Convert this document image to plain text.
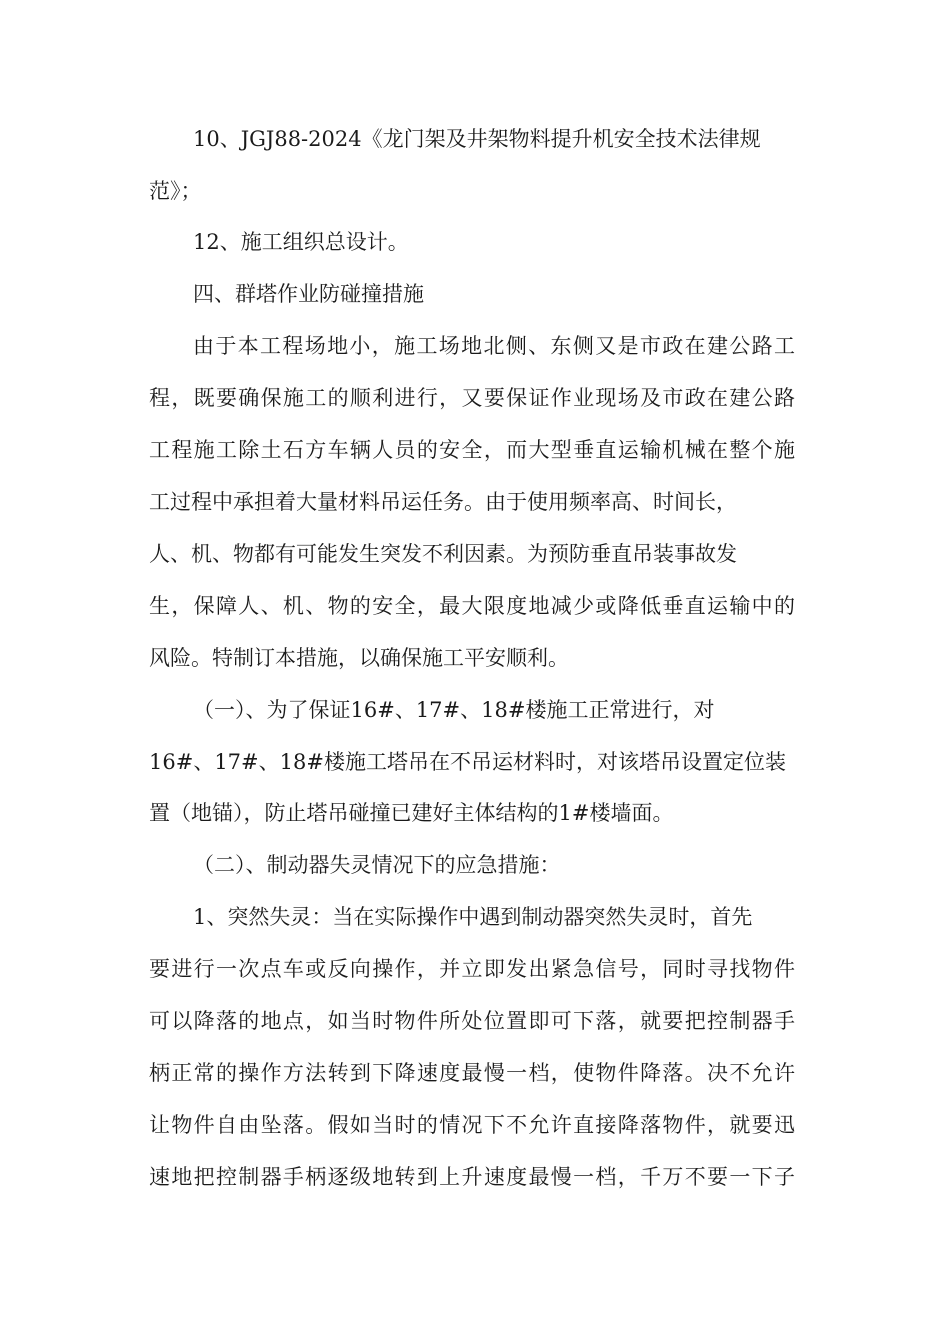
10、JGJ88-2024《龙门架及井架物料提升机安全技术法律规

范》；

12、施工组织总设计。

四、群塔作业防碰撞措施

由于本工程场地小，施工场地北侧、东侧又是市政在建公路工

程，既要确保施工的顺利进行，又要保证作业现场及市政在建公路

工程施工除土石方车辆人员的安全，而大型垂直运输机械在整个施

工过程中承担着大量材料吊运任务。由于使用频率高、时间长，

人、机、物都有可能发生突发不利因素。为预防垂直吊装事故发

生，保障人、机、物的安全，最大限度地减少或降低垂直运输中的

风险。特制订本措施，以确保施工平安顺利。

（一）、为了保证16#、17#、18#楼施工正常进行，对

16#、17#、18#楼施工塔吊在不吊运材料时，对该塔吊设置定位装

置（地锚），防止塔吊碰撞已建好主体结构的1#楼墙面。

（二）、制动器失灵情况下的应急措施：

1、突然失灵：当在实际操作中遇到制动器突然失灵时，首先

要进行一次点车或反向操作，并立即发出紧急信号，同时寻找物件

可以降落的地点，如当时物件所处位置即可下落，就要把控制器手

柄正常的操作方法转到下降速度最慢一档，使物件降落。决不允许

让物件自由坠落。假如当时的情况下不允许直接降落物件，就要迅

速地把控制器手柄逐级地转到上升速度最慢一档，千万不要一下子
